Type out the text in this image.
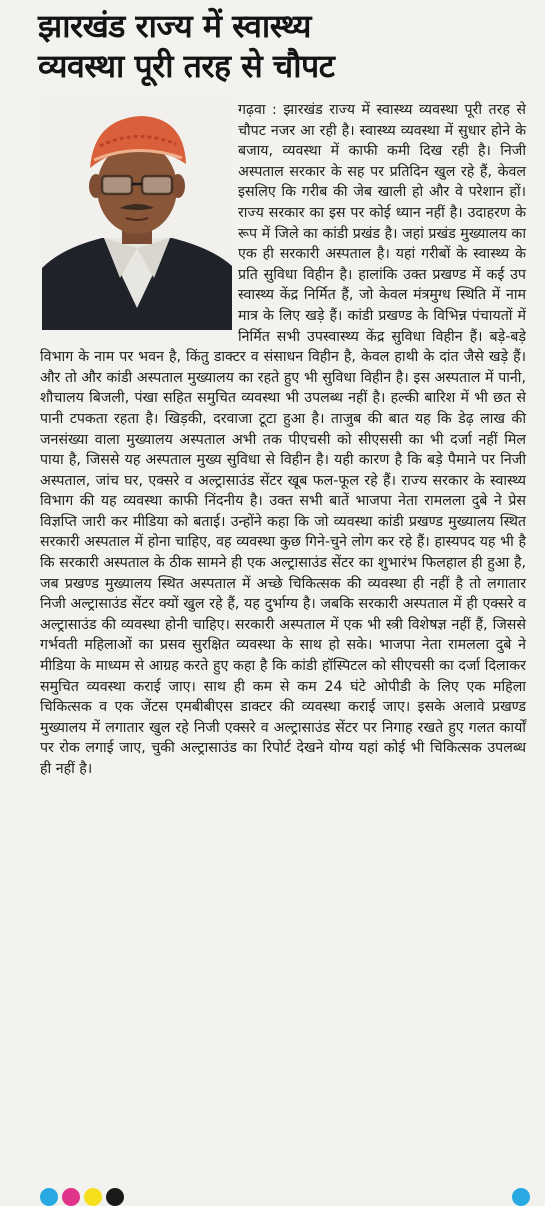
झारखंड राज्य में स्वास्थ्य
व्यवस्था पूरी तरह से चौपट

गढ़वा : झारखंड राज्य में स्वास्थ्य व्यवस्था पूरी तरह से चौपट नजर आ रही है। स्वास्थ्य व्यवस्था में सुधार होने के बजाय, व्यवस्था में काफी कमी दिख रही है। निजी अस्पताल सरकार के सह पर प्रतिदिन खुल रहे हैं, केवल इसलिए कि गरीब की जेब खाली हो और वे परेशान हों। राज्य सरकार का इस पर कोई ध्यान नहीं है। उदाहरण के रूप में जिले का कांडी प्रखंड है। जहां प्रखंड मुख्यालय का एक ही सरकारी अस्पताल है। यहां गरीबों के स्वास्थ्य के प्रति सुविधा विहीन है। हालांकि उक्त प्रखण्ड में कई उप स्वास्थ्य केंद्र निर्मित हैं, जो केवल मंत्रमुग्ध स्थिति में नाम मात्र के लिए खड़े हैं। कांडी प्रखण्ड के विभिन्न पंचायतों में निर्मित सभी उपस्वास्थ्य केंद्र सुविधा विहीन हैं। बड़े-बड़े विभाग के नाम पर भवन है, किंतु डाक्टर व संसाधन विहीन है, केवल हाथी के दांत जैसे खड़े हैं। और तो और कांडी अस्पताल मुख्यालय का रहते हुए भी सुविधा विहीन है। इस अस्पताल में पानी, शौचालय बिजली, पंखा सहित समुचित व्यवस्था भी उपलब्ध नहीं है। हल्की बारिश में भी छत से पानी टपकता रहता है। खिड़की, दरवाजा टूटा हुआ है। ताजुब की बात यह कि डेढ़ लाख की जनसंख्या वाला मुख्यालय अस्पताल अभी तक पीएचसी को सीएससी का भी दर्जा नहीं मिल पाया है, जिससे यह अस्पताल मुख्य सुविधा से विहीन है। यही कारण है कि बड़े पैमाने पर निजी अस्पताल, जांच घर, एक्सरे व अल्ट्रासाउंड सेंटर खूब फल-फूल रहे हैं। राज्य सरकार के स्वास्थ्य विभाग की यह व्यवस्था काफी निंदनीय है। उक्त सभी बातें भाजपा नेता रामलला दुबे ने प्रेस विज्ञप्ति जारी कर मीडिया को बताई। उन्होंने कहा कि जो व्यवस्था कांडी प्रखण्ड मुख्यालय स्थित सरकारी अस्पताल में होना चाहिए, वह व्यवस्था कुछ गिने-चुने लोग कर रहे हैं। हास्यपद यह भी है कि सरकारी अस्पताल के ठीक सामने ही एक अल्ट्रासाउंड सेंटर का शुभारंभ फिलहाल ही हुआ है, जब प्रखण्ड मुख्यालय स्थित अस्पताल में अच्छे चिकित्सक की व्यवस्था ही नहीं है तो लगातार निजी अल्ट्रासाउंड सेंटर क्यों खुल रहे हैं, यह दुर्भाग्य है। जबकि सरकारी अस्पताल में ही एक्सरे व अल्ट्रासाउंड की व्यवस्था होनी चाहिए। सरकारी अस्पताल में एक भी स्त्री विशेषज्ञ नहीं हैं, जिससे गर्भवती महिलाओं का प्रसव सुरक्षित व्यवस्था के साथ हो सके। भाजपा नेता रामलला दुबे ने मीडिया के माध्यम से आग्रह करते हुए कहा है कि कांडी हॉस्पिटल को सीएचसी का दर्जा दिलाकर समुचित व्यवस्था कराई जाए। साथ ही कम से कम 24 घंटे ओपीडी के लिए एक महिला चिकित्सक व एक जेंटस एमबीबीएस डाक्टर की व्यवस्था कराई जाए। इसके अलावे प्रखण्ड मुख्यालय में लगातार खुल रहे निजी एक्सरे व अल्ट्रासाउंड सेंटर पर निगाह रखते हुए गलत कार्यों पर रोक लगाई जाए, चुकी अल्ट्रासाउंड का रिपोर्ट देखने योग्य यहां कोई भी चिकित्सक उपलब्ध ही नहीं है।
